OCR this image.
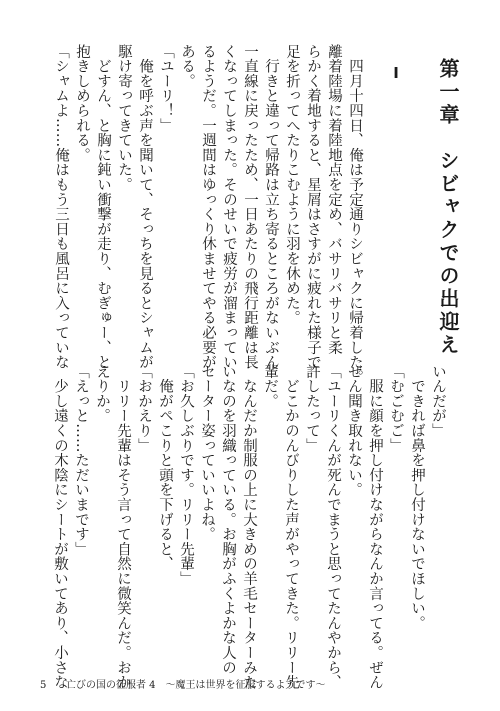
第一章　シビャクでの出迎え
Ⅰ
　四月十四日、俺は予定通りシビャクに帰着した。
離着陸場に着陸地点を定め、バサリバサリと柔
らかく着地すると、星屑はさすがに疲れた様子で
足を折ってへたりこむように羽を休めた。
　行きと違って帰路は立ち寄るところがないぶん
一直線に戻ったため、一日あたりの飛行距離は長
くなってしまった。そのせいで疲労が溜まってい
るようだ。一週間はゆっくり休ませてやる必要が
ある。
「ユーリ！」
　俺を呼ぶ声を聞いて、そっちを見るとシャムが
駆け寄ってきていた。
　どすん、と胸に鈍い衝撃が走り、むぎゅー、と
抱きしめられる。
「シャムよ……俺はもう三日も風呂に入っていな
いんだが」
　できれば鼻を押し付けないでほしい。
「むごむご」
　服に顔を押し付けながらなんか言ってる。ぜん
ぜん聞き取れない。
「ユーリくんが死んでまうと思ってたんやから、
許したって」
　どこかのんびりした声がやってきた。リリー先
輩だ。
　なんだか制服の上に大きめの羊毛セーターみた
いなのを羽織っている。お胸がふくよかな人の
セーター姿っていいよね。
「お久しぶりです。リリー先輩」
　俺がペこりと頭を下げると、
「おかえり」
　リリー先輩はそう言って自然に微笑んだ。おか
えりか。
「えっと……ただいまです」
　少し遠くの木陰にシートが敷いてあり、小さな
5 亡びの国の征服者 4　～魔王は世界を征服するようです～
